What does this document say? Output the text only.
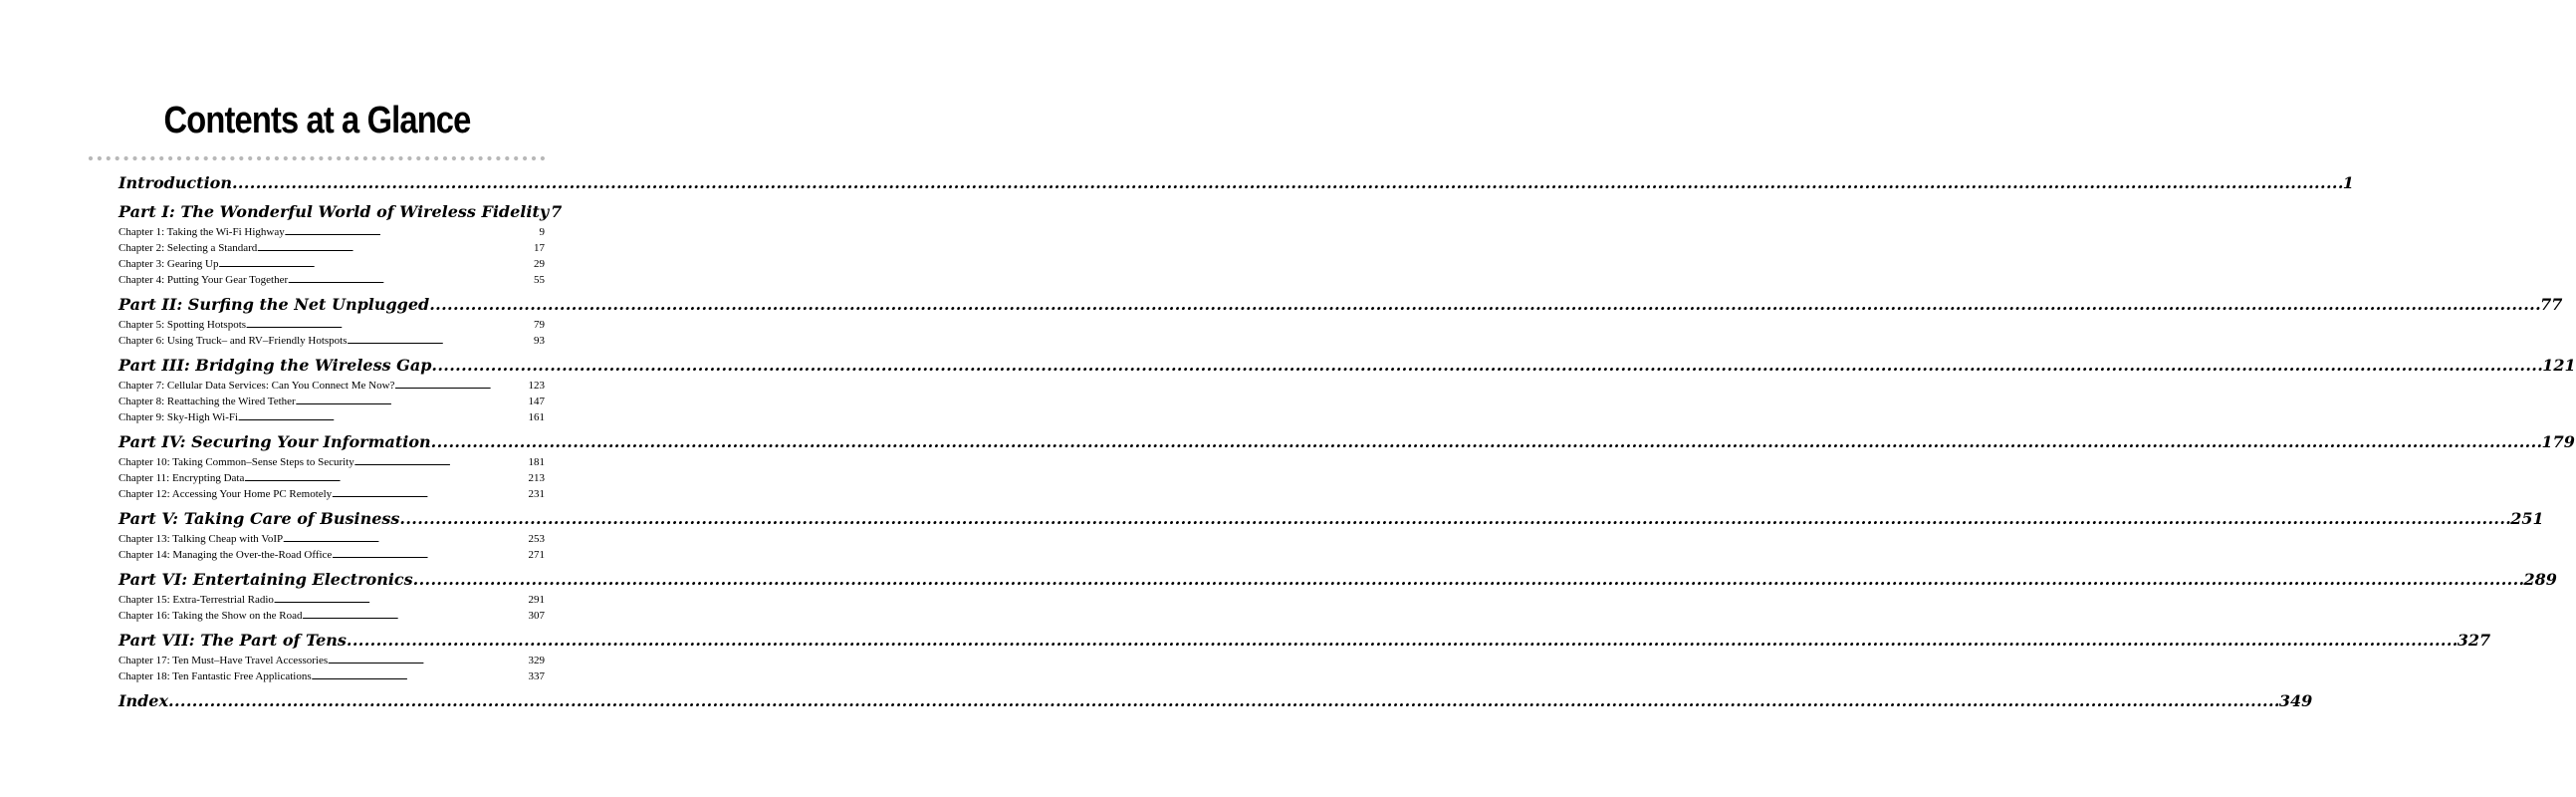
Contents at a Glance
Introduction . . .	1
Part I: The Wonderful World of Wireless Fidelity 7
Chapter 1: Taking the Wi-Fi Highway . . .	9
Chapter 2: Selecting a Standard . . .	17
Chapter 3: Gearing Up . . .	29
Chapter 4: Putting Your Gear Together . . .	55
Part II: Surfing the Net Unplugged . . .	77
Chapter 5: Spotting Hotspots . . .	79
Chapter 6: Using Truck– and RV–Friendly Hotspots . . .	93
Part III: Bridging the Wireless Gap . . .	121
Chapter 7: Cellular Data Services: Can You Connect Me Now? . . .	123
Chapter 8: Reattaching the Wired Tether . . .	147
Chapter 9: Sky-High Wi-Fi . . .	161
Part IV: Securing Your Information . . .	179
Chapter 10: Taking Common–Sense Steps to Security . . .	181
Chapter 11: Encrypting Data . . .	213
Chapter 12: Accessing Your Home PC Remotely . . .	231
Part V: Taking Care of Business . . .	251
Chapter 13: Talking Cheap with VoIP . . .	253
Chapter 14: Managing the Over-the-Road Office . . .	271
Part VI: Entertaining Electronics . . .	289
Chapter 15: Extra-Terrestrial Radio . . .	291
Chapter 16: Taking the Show on the Road . . .	307
Part VII: The Part of Tens . . .	327
Chapter 17: Ten Must–Have Travel Accessories . . .	329
Chapter 18: Ten Fantastic Free Applications . . .	337
Index . . .	349
